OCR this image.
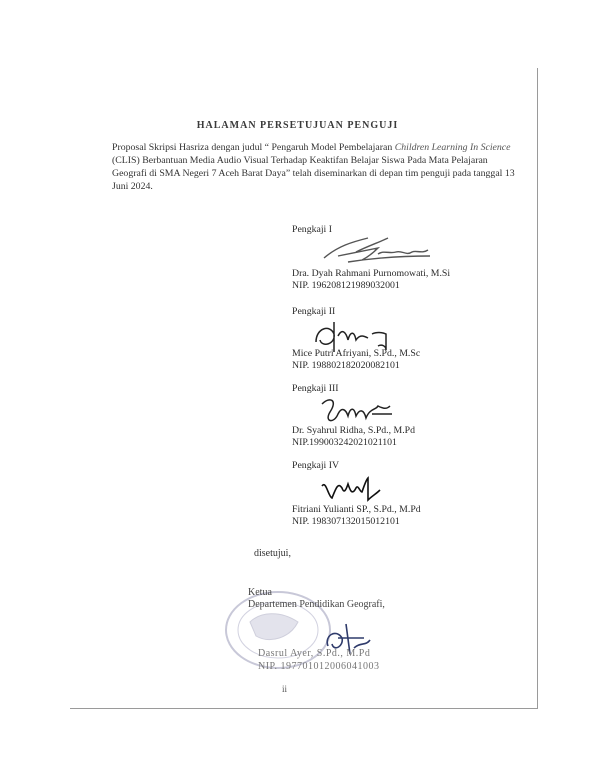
HALAMAN PERSETUJUAN PENGUJI
Proposal Skripsi Hasriza dengan judul “ Pengaruh Model Pembelajaran Children Learning In Science (CLIS) Berbantuan Media Audio Visual Terhadap Keaktifan Belajar Siswa Pada Mata Pelajaran Geografi di SMA Negeri 7 Aceh Barat Daya” telah diseminarkan di depan tim penguji pada tanggal 13 Juni 2024.
Pengkaji I
Dra. Dyah Rahmani Purnomowati, M.Si
NIP. 196208121989032001
Pengkaji II
Mice Putri Afriyani, S.Pd., M.Sc
NIP. 198802182020082101
Pengkaji III
Dr. Syahrul Ridha, S.Pd., M.Pd
NIP.199003242021021101
Pengkaji IV
Fitriani Yulianti SP., S.Pd., M.Pd
NIP. 198307132015012101
disetujui,
Ketua
Departemen Pendidikan Geografi,
Dasrul Ayer, S.Pd., M.Pd
NIP. 197701012006041003
ii
